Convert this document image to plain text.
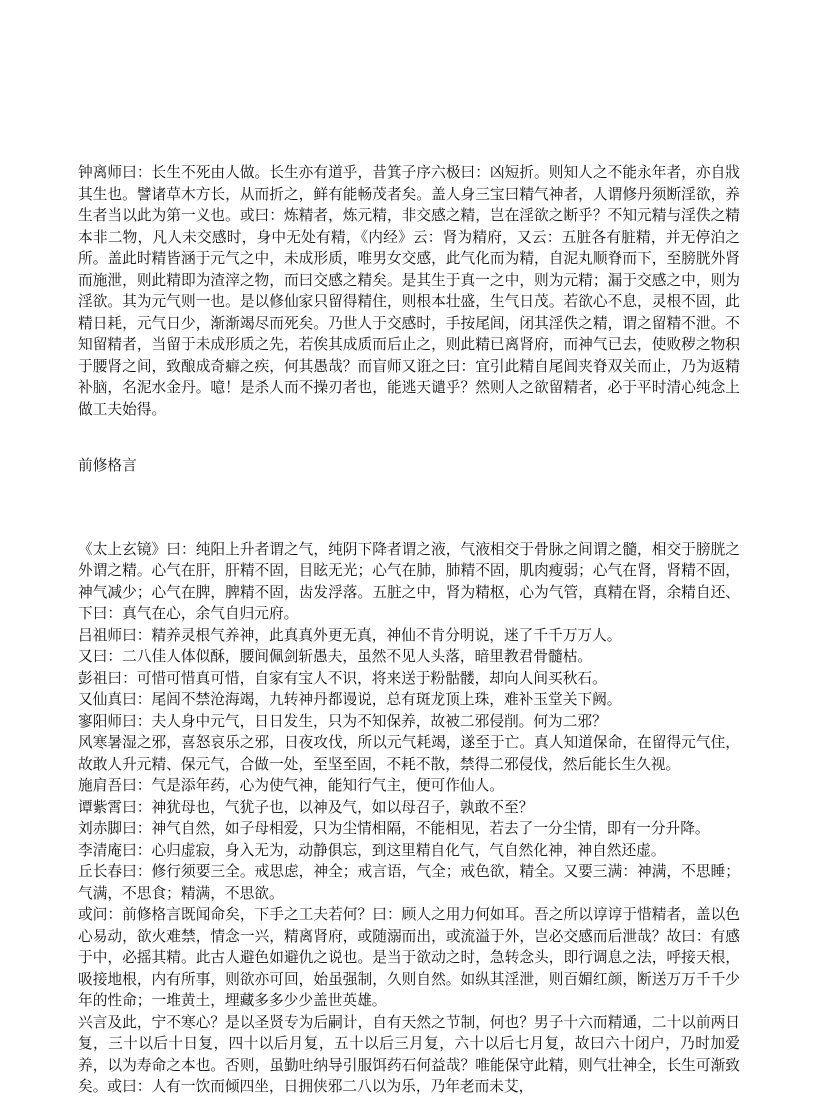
钟离师曰：长生不死由人做。长生亦有道乎，昔箕子序六极曰：凶短折。则知人之不能永年者，亦自戕其生也。譬诸草木方长，从而折之，鲜有能畅茂者矣。盖人身三宝曰精气神者，人谓修丹须断淫欲，养生者当以此为第一义也。或曰：炼精者，炼元精，非交感之精，岂在淫欲之断乎？不知元精与淫佚之精本非二物，凡人未交感时，身中无处有精，《内经》云：肾为精府，又云：五脏各有脏精，并无停泊之所。盖此时精皆涵于元气之中，未成形质，唯男女交感，此气化而为精，自泥丸顺脊而下，至膀胱外肾而施泄，则此精即为渣滓之物，而曰交感之精矣。是其生于真一之中，则为元精；漏于交感之中，则为淫欲。其为元气则一也。是以修仙家只留得精住，则根本壮盛，生气日茂。若欲心不息，灵根不固，此精日耗，元气日少，渐渐竭尽而死矣。乃世人于交感时，手按尾闾，闭其淫佚之精，谓之留精不泄。不知留精者，当留于未成形质之先，若俟其成质而后止之，则此精已离肾府，而神气已去，使败秽之物积于腰肾之间，致酿成奇癖之疾，何其愚哉？而盲师又诳之曰：宜引此精自尾闾夹脊双关而止，乃为返精补脑，名泥水金丹。噫！是杀人而不操刃者也，能逃天谴乎？然则人之欲留精者，必于平时清心纯念上做工夫始得。

前修格言

《太上玄镜》曰：纯阳上升者谓之气，纯阴下降者谓之液，气液相交于骨脉之间谓之髓，相交于膀胱之外谓之精。心气在肝，肝精不固，目眩无光；心气在肺，肺精不固，肌肉瘦弱；心气在肾，肾精不固，神气减少；心气在脾，脾精不固，齿发浮落。五脏之中，肾为精枢，心为气管，真精在肾，余精自还、下曰：真气在心，余气自归元府。

吕祖师曰：精养灵根气养神，此真真外更无真，神仙不肯分明说，迷了千千万万人。

又曰：二八佳人体似酥，腰间佩剑斩愚夫，虽然不见人头落，暗里教君骨髓枯。

彭祖曰：可惜可惜真可惜，自家有宝人不识，将来送于粉骷髅，却向人间买秋石。

又仙真曰：尾闾不禁沧海竭，九转神丹都谩说，总有斑龙顶上珠，难补玉堂关下阙。

寥阳师曰：夫人身中元气，日日发生，只为不知保养，故被二邪侵削。何为二邪？

风寒暑湿之邪，喜怒哀乐之邪，日夜攻伐，所以元气耗竭，遂至于亡。真人知道保命，在留得元气住，故敢人升元精、保元气，合做一处，至坚至固，不耗不散，禁得二邪侵伐，然后能长生久视。

施肩吾曰：气是添年药，心为使气神，能知行气主，便可作仙人。

谭紫霄曰：神犹母也，气犹子也，以神及气，如以母召子，孰敢不至？

刘赤脚曰：神气自然，如子母相爱，只为尘情相隔，不能相见，若去了一分尘情，即有一分升降。

李清庵曰：心归虚寂，身入无为，动静俱忘，到这里精自化气，气自然化神，神自然还虚。

丘长春曰：修行须要三全。戒思虑，神全；戒言语，气全；戒色欲，精全。又要三满：神满，不思睡；气满，不思食；精满，不思欲。

或问：前修格言既闻命矣，下手之工夫若何？曰：顾人之用力何如耳。吾之所以谆谆于惜精者，盖以色心易动，欲火难禁，情念一兴，精离肾府，或随溺而出，或流溢于外，岂必交感而后泄哉？故曰：有感于中，必摇其精。此古人避色如避仇之说也。是当于欲动之时，急转念头，即行调息之法，呼接天根，吸接地根，内有所事，则欲亦可回，始虽强制，久则自然。如纵其淫泄，则百媚红颜，断送万万千千少年的性命；一堆黄土，埋藏多多少少盖世英雄。

兴言及此，宁不寒心？是以圣贤专为后嗣计，自有天然之节制，何也？男子十六而精通，二十以前两日复，三十以后十日复，四十以后月复，五十以后三月复，六十以后七月复，故曰六十闭户，乃时加爱养，以为寿命之本也。否则，虽勤吐纳导引服饵药石何益哉？唯能保守此精，则气壮神全，长生可渐致矣。或曰：人有一饮而倾四坐，日拥侠邪二八以为乐，乃年老而未艾，
